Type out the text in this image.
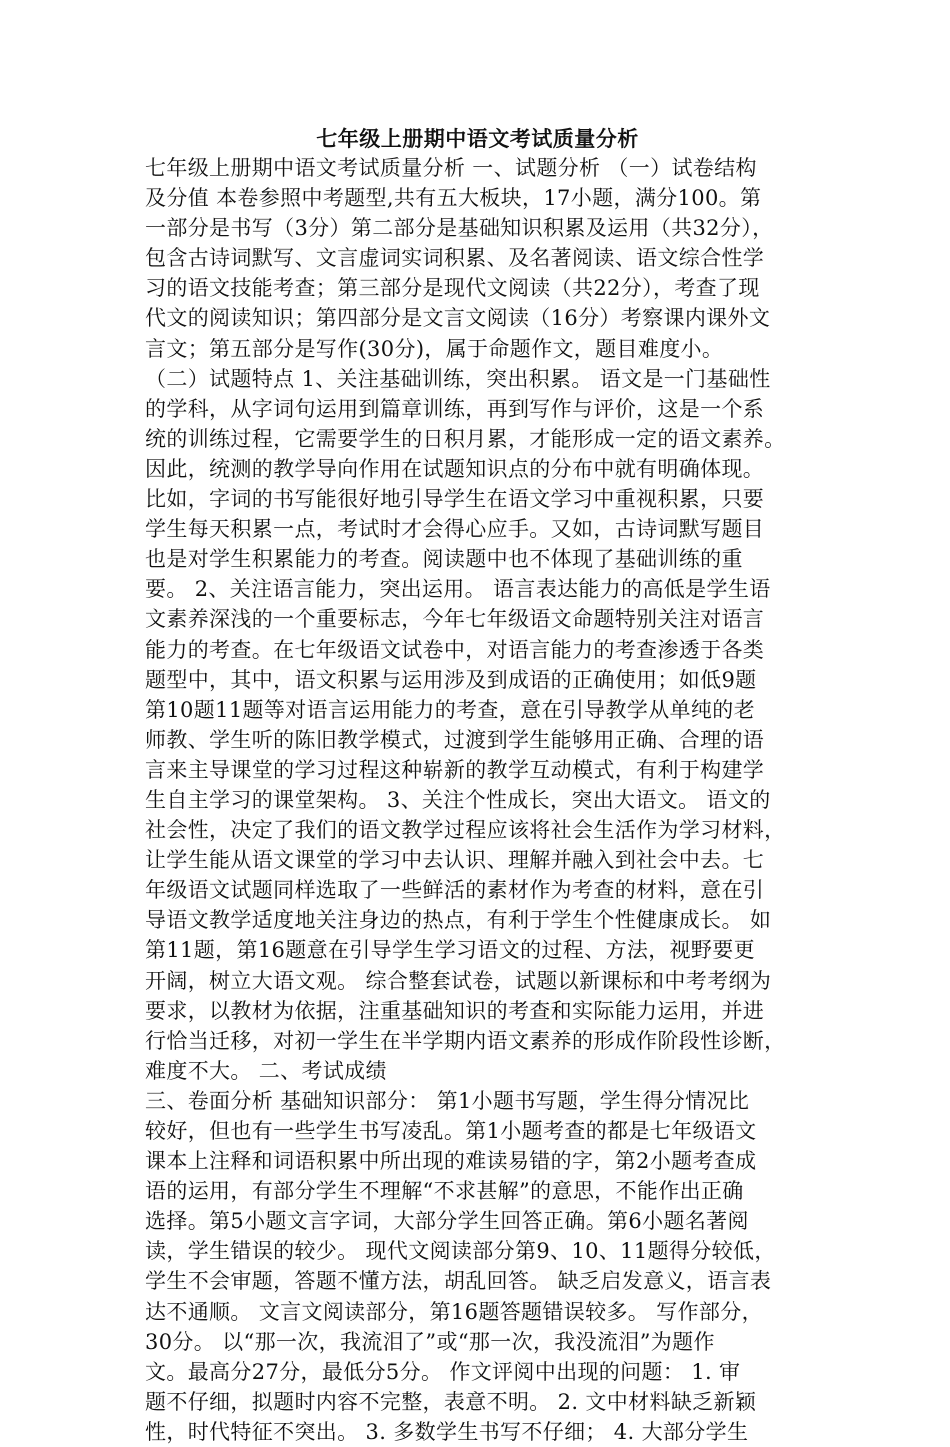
七年级上册期中语文考试质量分析

七年级上册期中语文考试质量分析 一、试题分析 （一）试卷结构

及分值 本卷参照中考题型,共有五大板块，17小题，满分100。第

一部分是书写（3分）第二部分是基础知识积累及运用（共32分），

包含古诗词默写、文言虚词实词积累、及名著阅读、语文综合性学

习的语文技能考查；第三部分是现代文阅读（共22分），考查了现

代文的阅读知识；第四部分是文言文阅读（16分）考察课内课外文

言文；第五部分是写作(30分)，属于命题作文，题目难度小。

（二）试题特点 1、关注基础训练，突出积累。 语文是一门基础性

的学科，从字词句运用到篇章训练，再到写作与评价，这是一个系

统的训练过程，它需要学生的日积月累，才能形成一定的语文素养。

因此，统测的教学导向作用在试题知识点的分布中就有明确体现。

比如，字词的书写能很好地引导学生在语文学习中重视积累，只要

学生每天积累一点，考试时才会得心应手。又如，古诗词默写题目

也是对学生积累能力的考查。阅读题中也不体现了基础训练的重

要。 2、关注语言能力，突出运用。 语言表达能力的高低是学生语

文素养深浅的一个重要标志，今年七年级语文命题特别关注对语言

能力的考查。在七年级语文试卷中，对语言能力的考查渗透于各类

题型中，其中，语文积累与运用涉及到成语的正确使用；如低9题

第10题11题等对语言运用能力的考查，意在引导教学从单纯的老

师教、学生听的陈旧教学模式，过渡到学生能够用正确、合理的语

言来主导课堂的学习过程这种崭新的教学互动模式，有利于构建学

生自主学习的课堂架构。 3、关注个性成长，突出大语文。 语文的

社会性，决定了我们的语文教学过程应该将社会生活作为学习材料，

让学生能从语文课堂的学习中去认识、理解并融入到社会中去。七

年级语文试题同样选取了一些鲜活的素材作为考查的材料，意在引

导语文教学适度地关注身边的热点，有利于学生个性健康成长。 如

第11题，第16题意在引导学生学习语文的过程、方法，视野要更

开阔，树立大语文观。 综合整套试卷，试题以新课标和中考考纲为

要求，以教材为依据，注重基础知识的考查和实际能力运用，并进

行恰当迁移，对初一学生在半学期内语文素养的形成作阶段性诊断，

难度不大。 二、考试成绩

三、卷面分析 基础知识部分： 第1小题书写题，学生得分情况比

较好，但也有一些学生书写凌乱。第1小题考查的都是七年级语文

课本上注释和词语积累中所出现的难读易错的字，第2小题考查成

语的运用，有部分学生不理解“不求甚解”的意思，不能作出正确

选择。第5小题文言字词，大部分学生回答正确。第6小题名著阅

读，学生错误的较少。 现代文阅读部分第9、10、11题得分较低，

学生不会审题，答题不懂方法，胡乱回答。 缺乏启发意义，语言表

达不通顺。 文言文阅读部分，第16题答题错误较多。 写作部分，

30分。 以“那一次，我流泪了”或“那一次，我没流泪”为题作

文。最高分27分，最低分5分。 作文评阅中出现的问题： 1. 审

题不仔细，拟题时内容不完整，表意不明。 2. 文中材料缺乏新颖

性，时代特征不突出。 3. 多数学生书写不仔细； 4. 大部分学生
